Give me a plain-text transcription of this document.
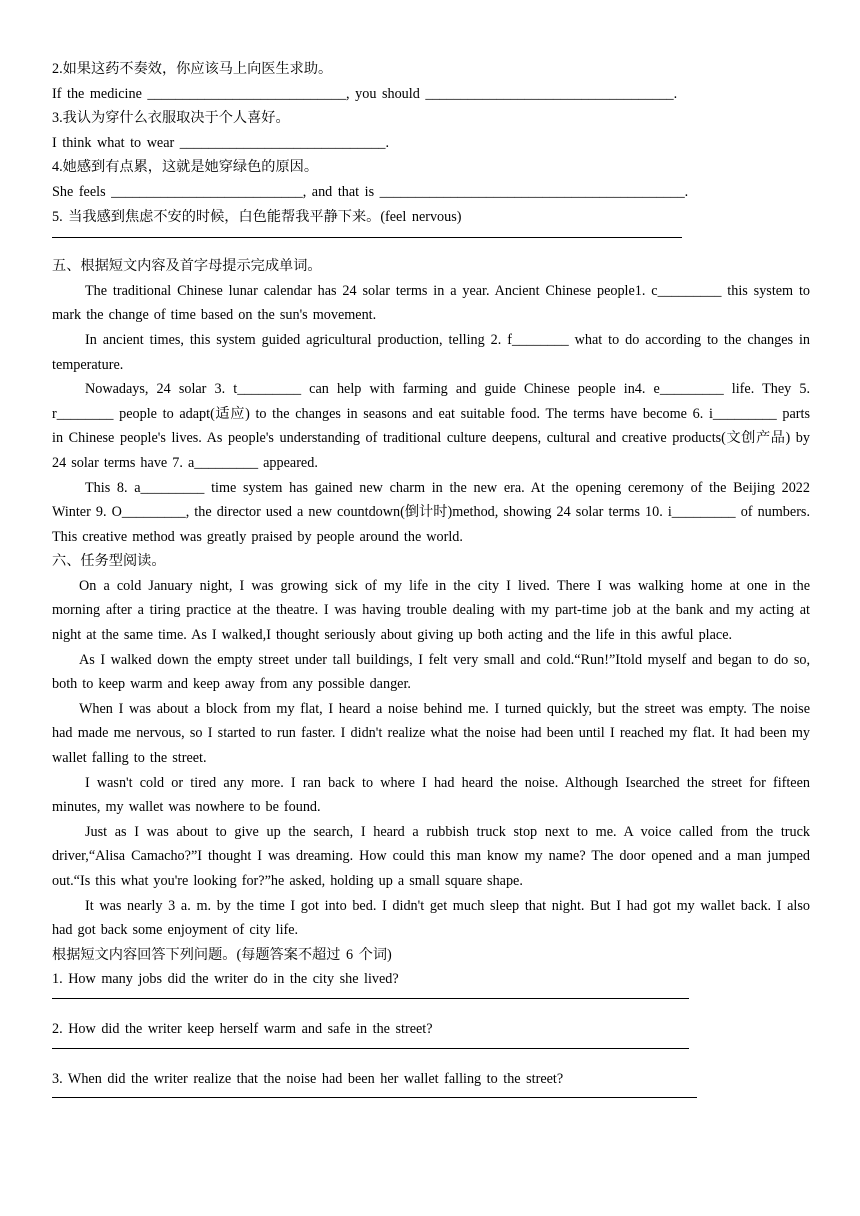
2.如果这药不奏效，你应该马上向医生求助。
If the medicine ____________________________, you should ___________________________________.
3.我认为穿什么衣服取决于个人喜好。
I think what to wear _____________________________.
4.她感到有点累，这就是她穿绿色的原因。
She feels ___________________________, and that is ___________________________________________.
5. 当我感到焦虑不安的时候，白色能帮我平静下来。(feel nervous)
五、根据短文内容及首字母提示完成单词。
The traditional Chinese lunar calendar has 24 solar terms in a year. Ancient Chinese people1. c_________ this system to mark the change of time based on the sun's movement.
In ancient times, this system guided agricultural production, telling 2. f________ what to do according to the changes in temperature.
Nowadays, 24 solar 3. t_________ can help with farming and guide Chinese people in4. e_________ life. They 5. r________ people to adapt(适应) to the changes in seasons and eat suitable food. The terms have become 6. i_________ parts in Chinese people's lives. As people's understanding of traditional culture deepens, cultural and creative products(文创产品) by 24 solar terms have 7. a_________ appeared.
This 8. a_________ time system has gained new charm in the new era. At the opening ceremony of the Beijing 2022 Winter 9. O_________, the director used a new countdown(倒计时)method, showing 24 solar terms 10. i_________ of numbers. This creative method was greatly praised by people around the world.
六、任务型阅读。
On a cold January night, I was growing sick of my life in the city I lived. There I was walking home at one in the morning after a tiring practice at the theatre. I was having trouble dealing with my part-time job at the bank and my acting at night at the same time. As I walked,I thought seriously about giving up both acting and the life in this awful place.
As I walked down the empty street under tall buildings, I felt very small and cold.“Run!”Itold myself and began to do so, both to keep warm and keep away from any possible danger.
When I was about a block from my flat, I heard a noise behind me. I turned quickly, but the street was empty. The noise had made me nervous, so I started to run faster. I didn't realize what the noise had been until I reached my flat. It had been my wallet falling to the street.
I wasn't cold or tired any more. I ran back to where I had heard the noise. Although Isearched the street for fifteen minutes, my wallet was nowhere to be found.
Just as I was about to give up the search, I heard a rubbish truck stop next to me. A voice called from the truck driver,“Alisa Camacho?”I thought I was dreaming. How could this man know my name? The door opened and a man jumped out.“Is this what you're looking for?”he asked, holding up a small square shape.
It was nearly 3 a. m. by the time I got into bed. I didn't get much sleep that night. But I had got my wallet back. I also had got back some enjoyment of city life.
根据短文内容回答下列问题。(每题答案不超过 6 个词)
1. How many jobs did the writer do in the city she lived?
2. How did the writer keep herself warm and safe in the street?
3. When did the writer realize that the noise had been her wallet falling to the street?
